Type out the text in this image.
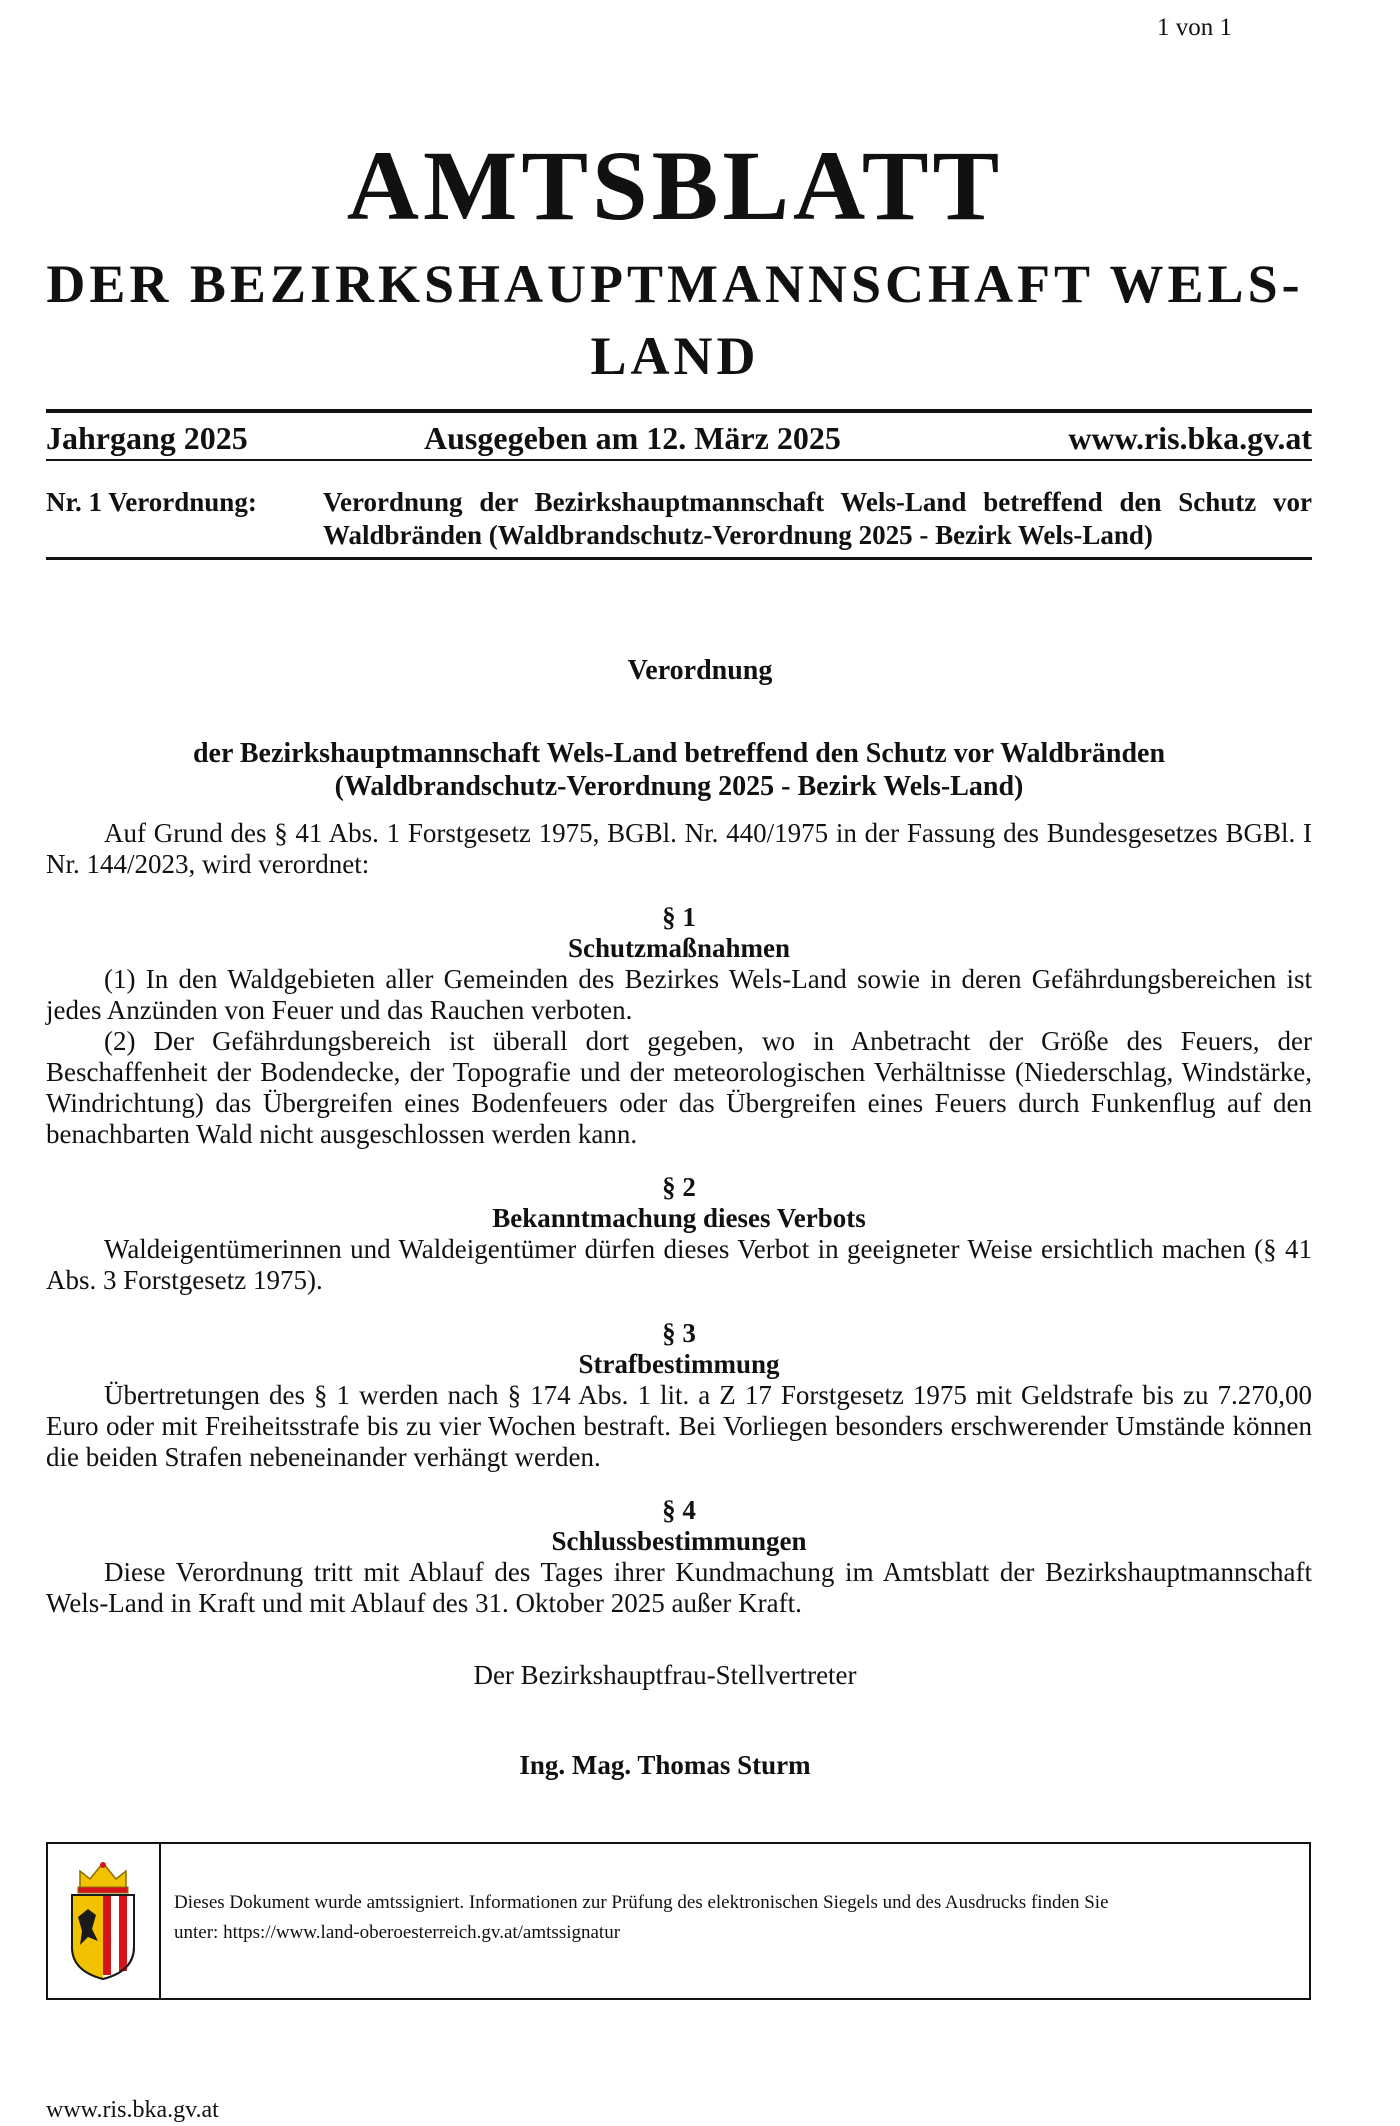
1 von 1
AMTSBLATT
DER BEZIRKSHAUPTMANNSCHAFT WELS-
LAND
Jahrgang 2025	Ausgegeben am 12. März 2025	www.ris.bka.gv.at
Nr. 1 Verordnung: Verordnung der Bezirkshauptmannschaft Wels-Land betreffend den Schutz vor Waldbränden (Waldbrandschutz-Verordnung 2025 - Bezirk Wels-Land)
Verordnung
der Bezirkshauptmannschaft Wels-Land betreffend den Schutz vor Waldbränden
(Waldbrandschutz-Verordnung 2025 - Bezirk Wels-Land)

Auf Grund des § 41 Abs. 1 Forstgesetz 1975, BGBl. Nr. 440/1975 in der Fassung des Bundesgesetzes BGBl. I Nr. 144/2023, wird verordnet:

§ 1

Schutzmaßnahmen

(1) In den Waldgebieten aller Gemeinden des Bezirkes Wels-Land sowie in deren Gefährdungsbereichen ist jedes Anzünden von Feuer und das Rauchen verboten.

(2) Der Gefährdungsbereich ist überall dort gegeben, wo in Anbetracht der Größe des Feuers, der Beschaffenheit der Bodendecke, der Topografie und der meteorologischen Verhältnisse (Niederschlag, Windstärke, Windrichtung) das Übergreifen eines Bodenfeuers oder das Übergreifen eines Feuers durch Funkenflug auf den benachbarten Wald nicht ausgeschlossen werden kann.

§ 2

Bekanntmachung dieses Verbots

Waldeigentümerinnen und Waldeigentümer dürfen dieses Verbot in geeigneter Weise ersichtlich machen (§ 41 Abs. 3 Forstgesetz 1975).

§ 3

Strafbestimmung

Übertretungen des § 1 werden nach § 174 Abs. 1 lit. a Z 17 Forstgesetz 1975 mit Geldstrafe bis zu 7.270,00 Euro oder mit Freiheitsstrafe bis zu vier Wochen bestraft. Bei Vorliegen besonders erschwerender Umstände können die beiden Strafen nebeneinander verhängt werden.

§ 4

Schlussbestimmungen

Diese Verordnung tritt mit Ablauf des Tages ihrer Kundmachung im Amtsblatt der Bezirkshauptmannschaft Wels-Land in Kraft und mit Ablauf des 31. Oktober 2025 außer Kraft.

Der Bezirkshauptfrau-Stellvertreter
Ing. Mag. Thomas Sturm
Dieses Dokument wurde amtssigniert. Informationen zur Prüfung des elektronischen Siegels und des Ausdrucks finden Sie
unter: https://www.land-oberoesterreich.gv.at/amtssignatur
www.ris.bka.gv.at
